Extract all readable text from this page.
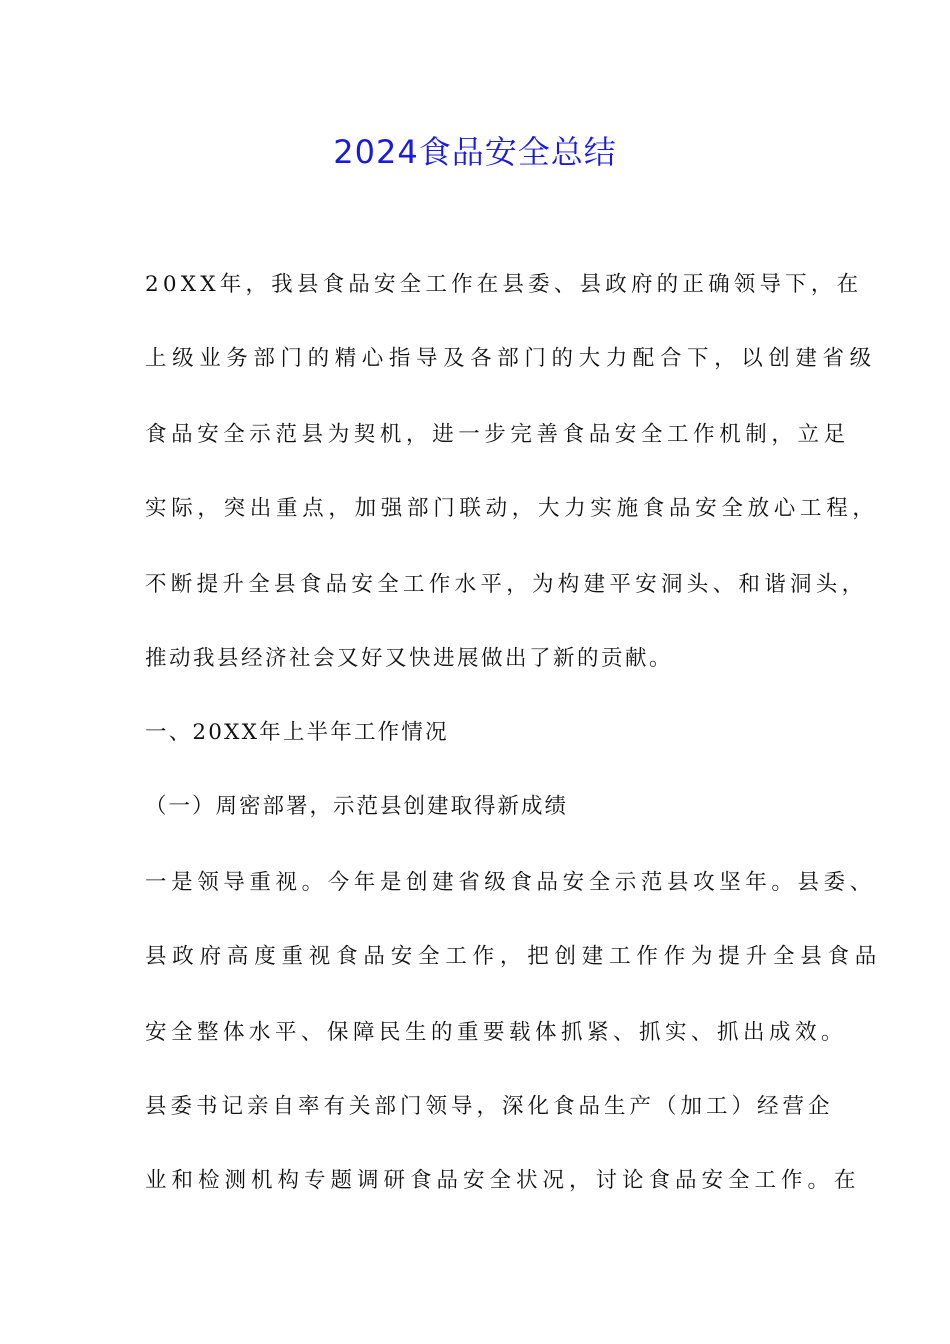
2024食品安全总结
20XX年，我县食品安全工作在县委、县政府的正确领导下，在
上级业务部门的精心指导及各部门的大力配合下，以创建省级
食品安全示范县为契机，进一步完善食品安全工作机制，立足
实际，突出重点，加强部门联动，大力实施食品安全放心工程，
不断提升全县食品安全工作水平，为构建平安洞头、和谐洞头，
推动我县经济社会又好又快进展做出了新的贡献。
一、20XX年上半年工作情况
（一）周密部署，示范县创建取得新成绩
一是领导重视。今年是创建省级食品安全示范县攻坚年。县委、
县政府高度重视食品安全工作，把创建工作作为提升全县食品
安全整体水平、保障民生的重要载体抓紧、抓实、抓出成效。
县委书记亲自率有关部门领导，深化食品生产（加工）经营企
业和检测机构专题调研食品安全状况，讨论食品安全工作。在
